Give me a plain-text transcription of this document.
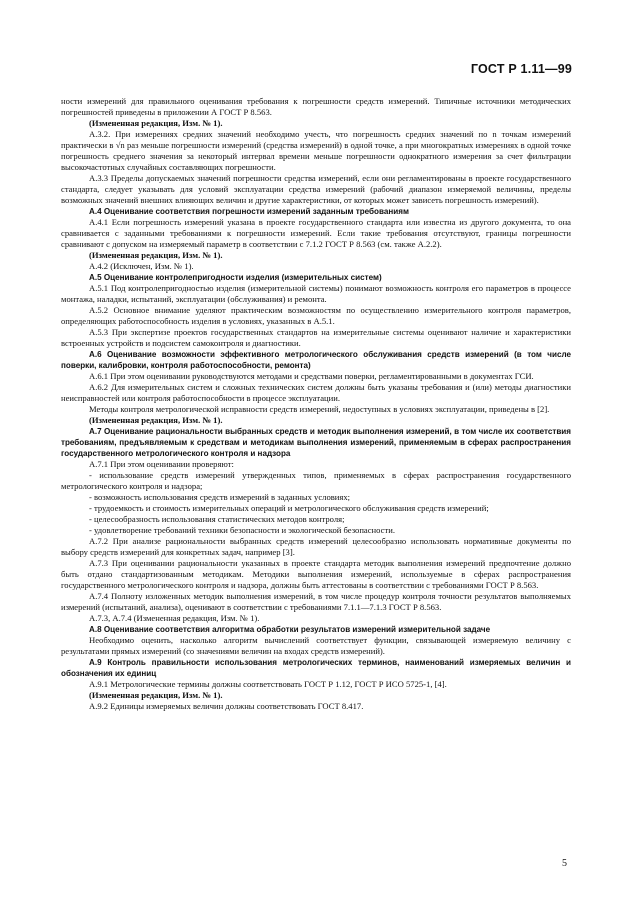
ГОСТ Р 1.11—99

ности измерений для правильного оценивания требования к погрешности средств измерений. Типичные источники методических погрешностей приведены в приложении А ГОСТ Р 8.563.

(Измененная редакция, Изм. № 1).

А.3.2. При измерениях средних значений необходимо учесть, что погрешность средних значений по n точкам измерений практически в √n раз меньше погрешности измерений (средства измерений) в одной точке, а при многократных измерениях в одной точке погрешность среднего значения за некоторый интервал времени меньше погрешности однократного измерения за счет фильтрации высокочастотных случайных составляющих погрешности.

А.3.3 Пределы допускаемых значений погрешности средства измерений, если они регламентированы в проекте государственного стандарта, следует указывать для условий эксплуатации средства измерений (рабочий диапазон измеряемой величины, пределы возможных значений внешних влияющих величин и другие характеристики, от которых может зависеть погрешность измерений).

А.4 Оценивание соответствия погрешности измерений заданным требованиям

А.4.1 Если погрешность измерений указана в проекте государственного стандарта или известна из другого документа, то она сравнивается с заданными требованиями к погрешности измерений. Если такие требования отсутствуют, границы погрешности сравнивают с допуском на измеряемый параметр в соответствии с 7.1.2 ГОСТ Р 8.563 (см. также А.2.2).

(Измененная редакция, Изм. № 1).

А.4.2 (Исключен, Изм. № 1).

А.5 Оценивание контролепригодности изделия (измерительных систем)

А.5.1 Под контролепригодностью изделия (измерительной системы) понимают возможность контроля его параметров в процессе монтажа, наладки, испытаний, эксплуатации (обслуживания) и ремонта.

А.5.2 Основное внимание уделяют практическим возможностям по осуществлению измерительного контроля параметров, определяющих работоспособность изделия в условиях, указанных в А.5.1.

А.5.3 При экспертизе проектов государственных стандартов на измерительные системы оценивают наличие и характеристики встроенных устройств и подсистем самоконтроля и диагностики.

А.6 Оценивание возможности эффективного метрологического обслуживания средств измерений (в том числе поверки, калибровки, контроля работоспособности, ремонта)

А.6.1 При этом оценивании руководствуются методами и средствами поверки, регламентированными в документах ГСИ.

А.6.2 Для измерительных систем и сложных технических систем должны быть указаны требования и (или) методы диагностики неисправностей или контроля работоспособности в процессе эксплуатации.

Методы контроля метрологической исправности средств измерений, недоступных в условиях эксплуатации, приведены в [2].

(Измененная редакция, Изм. № 1).

А.7 Оценивание рациональности выбранных средств и методик выполнения измерений, в том числе их соответствия требованиям, предъявляемым к средствам и методикам выполнения измерений, применяемым в сферах распространения государственного метрологического контроля и надзора

А.7.1 При этом оценивании проверяют:

- использование средств измерений утвержденных типов, применяемых в сферах распространения государственного метрологического контроля и надзора;

- возможность использования средств измерений в заданных условиях;

- трудоемкость и стоимость измерительных операций и метрологического обслуживания средств измерений;

- целесообразность использования статистических методов контроля;

- удовлетворение требований техники безопасности и экологической безопасности.

А.7.2 При анализе рациональности выбранных средств измерений целесообразно использовать нормативные документы по выбору средств измерений для конкретных задач, например [3].

А.7.3 При оценивании рациональности указанных в проекте стандарта методик выполнения измерений предпочтение должно быть отдано стандартизованным методикам. Методики выполнения измерений, используемые в сферах распространения государственного метрологического контроля и надзора, должны быть аттестованы в соответствии с требованиями ГОСТ Р 8.563.

А.7.4 Полноту изложенных методик выполнения измерений, в том числе процедур контроля точности результатов выполняемых измерений (испытаний, анализа), оценивают в соответствии с требованиями 7.1.1—7.1.3 ГОСТ Р 8.563.

А.7.3, А.7.4 (Измененная редакция, Изм. № 1).

А.8 Оценивание соответствия алгоритма обработки результатов измерений измерительной задаче

Необходимо оценить, насколько алгоритм вычислений соответствует функции, связывающей измеряемую величину с результатами прямых измерений (со значениями величин на входах средств измерений).

А.9 Контроль правильности использования метрологических терминов, наименований измеряемых величин и обозначения их единиц

А.9.1 Метрологические термины должны соответствовать ГОСТ Р 1.12, ГОСТ Р ИСО 5725-1, [4].

(Измененная редакция, Изм. № 1).

А.9.2 Единицы измеряемых величин должны соответствовать ГОСТ 8.417.

5
